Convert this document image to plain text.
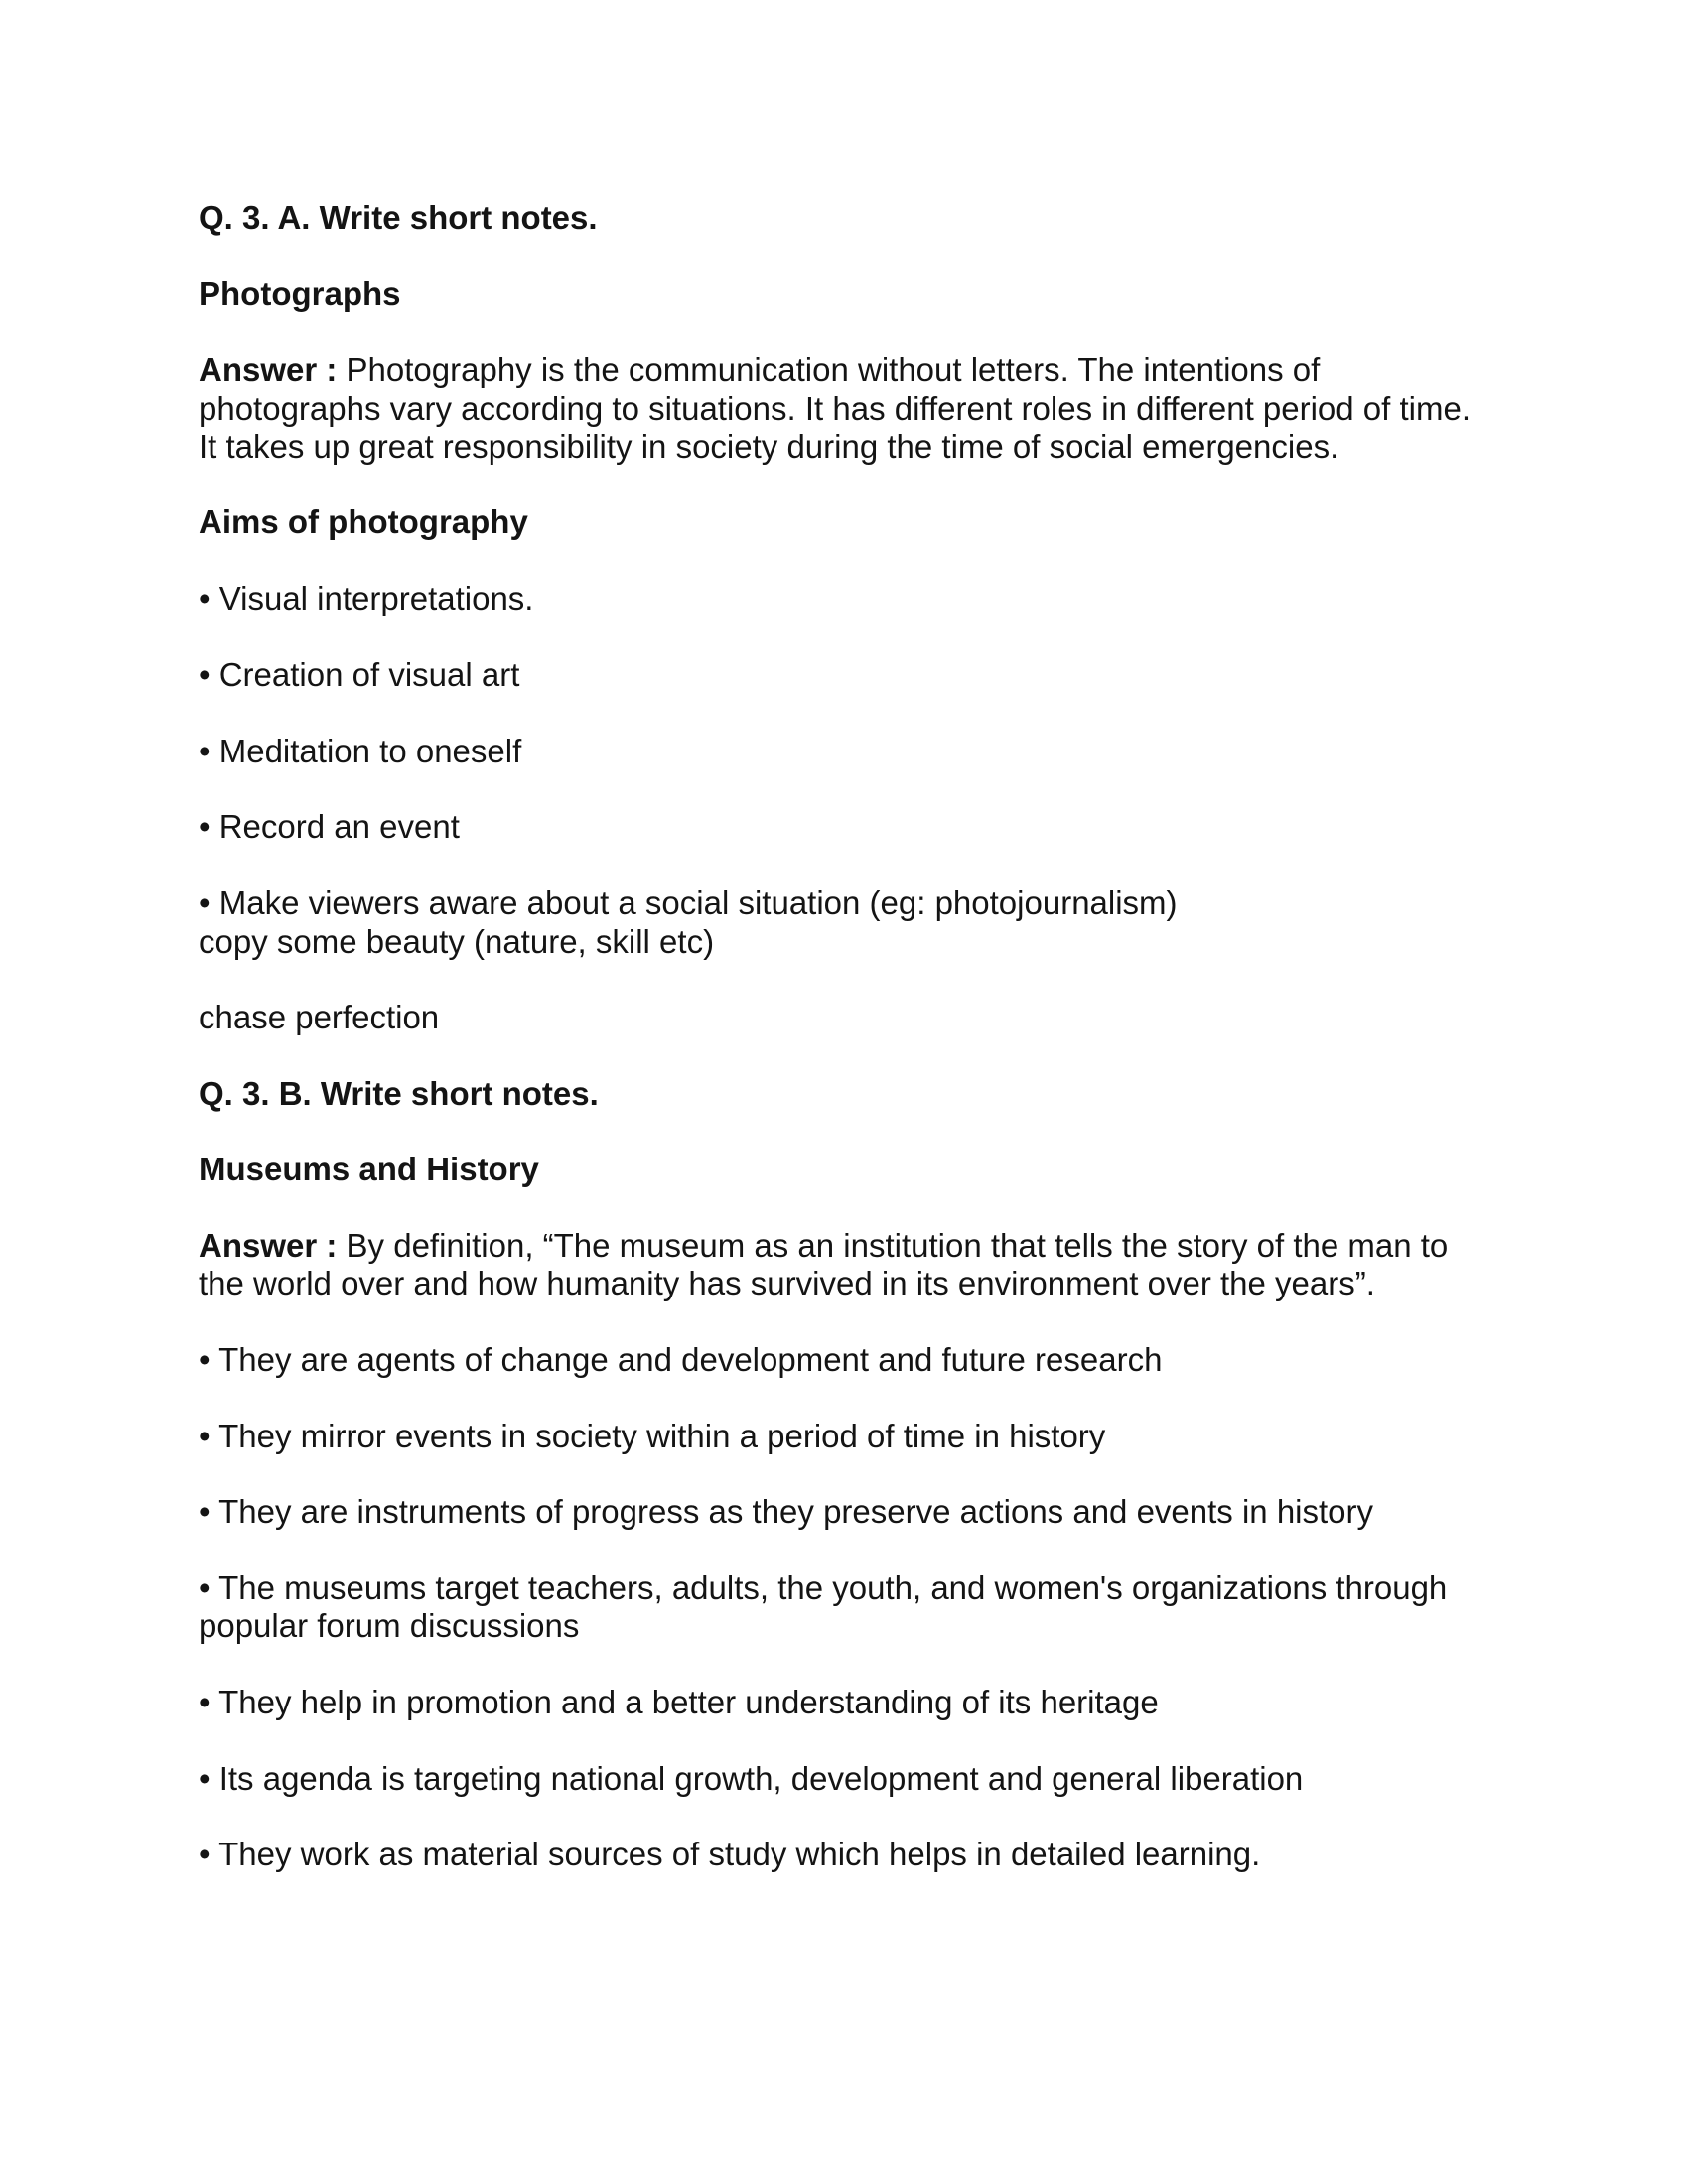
Q. 3. A. Write short notes.
Photographs
Answer : Photography is the communication without letters. The intentions of
photographs vary according to situations. It has different roles in different period of time.
It takes up great responsibility in society during the time of social emergencies.
Aims of photography
• Visual interpretations.
• Creation of visual art
• Meditation to oneself
• Record an event
• Make viewers aware about a social situation (eg: photojournalism)
copy some beauty (nature, skill etc)
chase perfection
Q. 3. B. Write short notes.
Museums and History
Answer : By definition, “The museum as an institution that tells the story of the man to
the world over and how humanity has survived in its environment over the years”.
• They are agents of change and development and future research
• They mirror events in society within a period of time in history
• They are instruments of progress as they preserve actions and events in history
• The museums target teachers, adults, the youth, and women's organizations through
popular forum discussions
• They help in promotion and a better understanding of its heritage
• Its agenda is targeting national growth, development and general liberation
• They work as material sources of study which helps in detailed learning.
